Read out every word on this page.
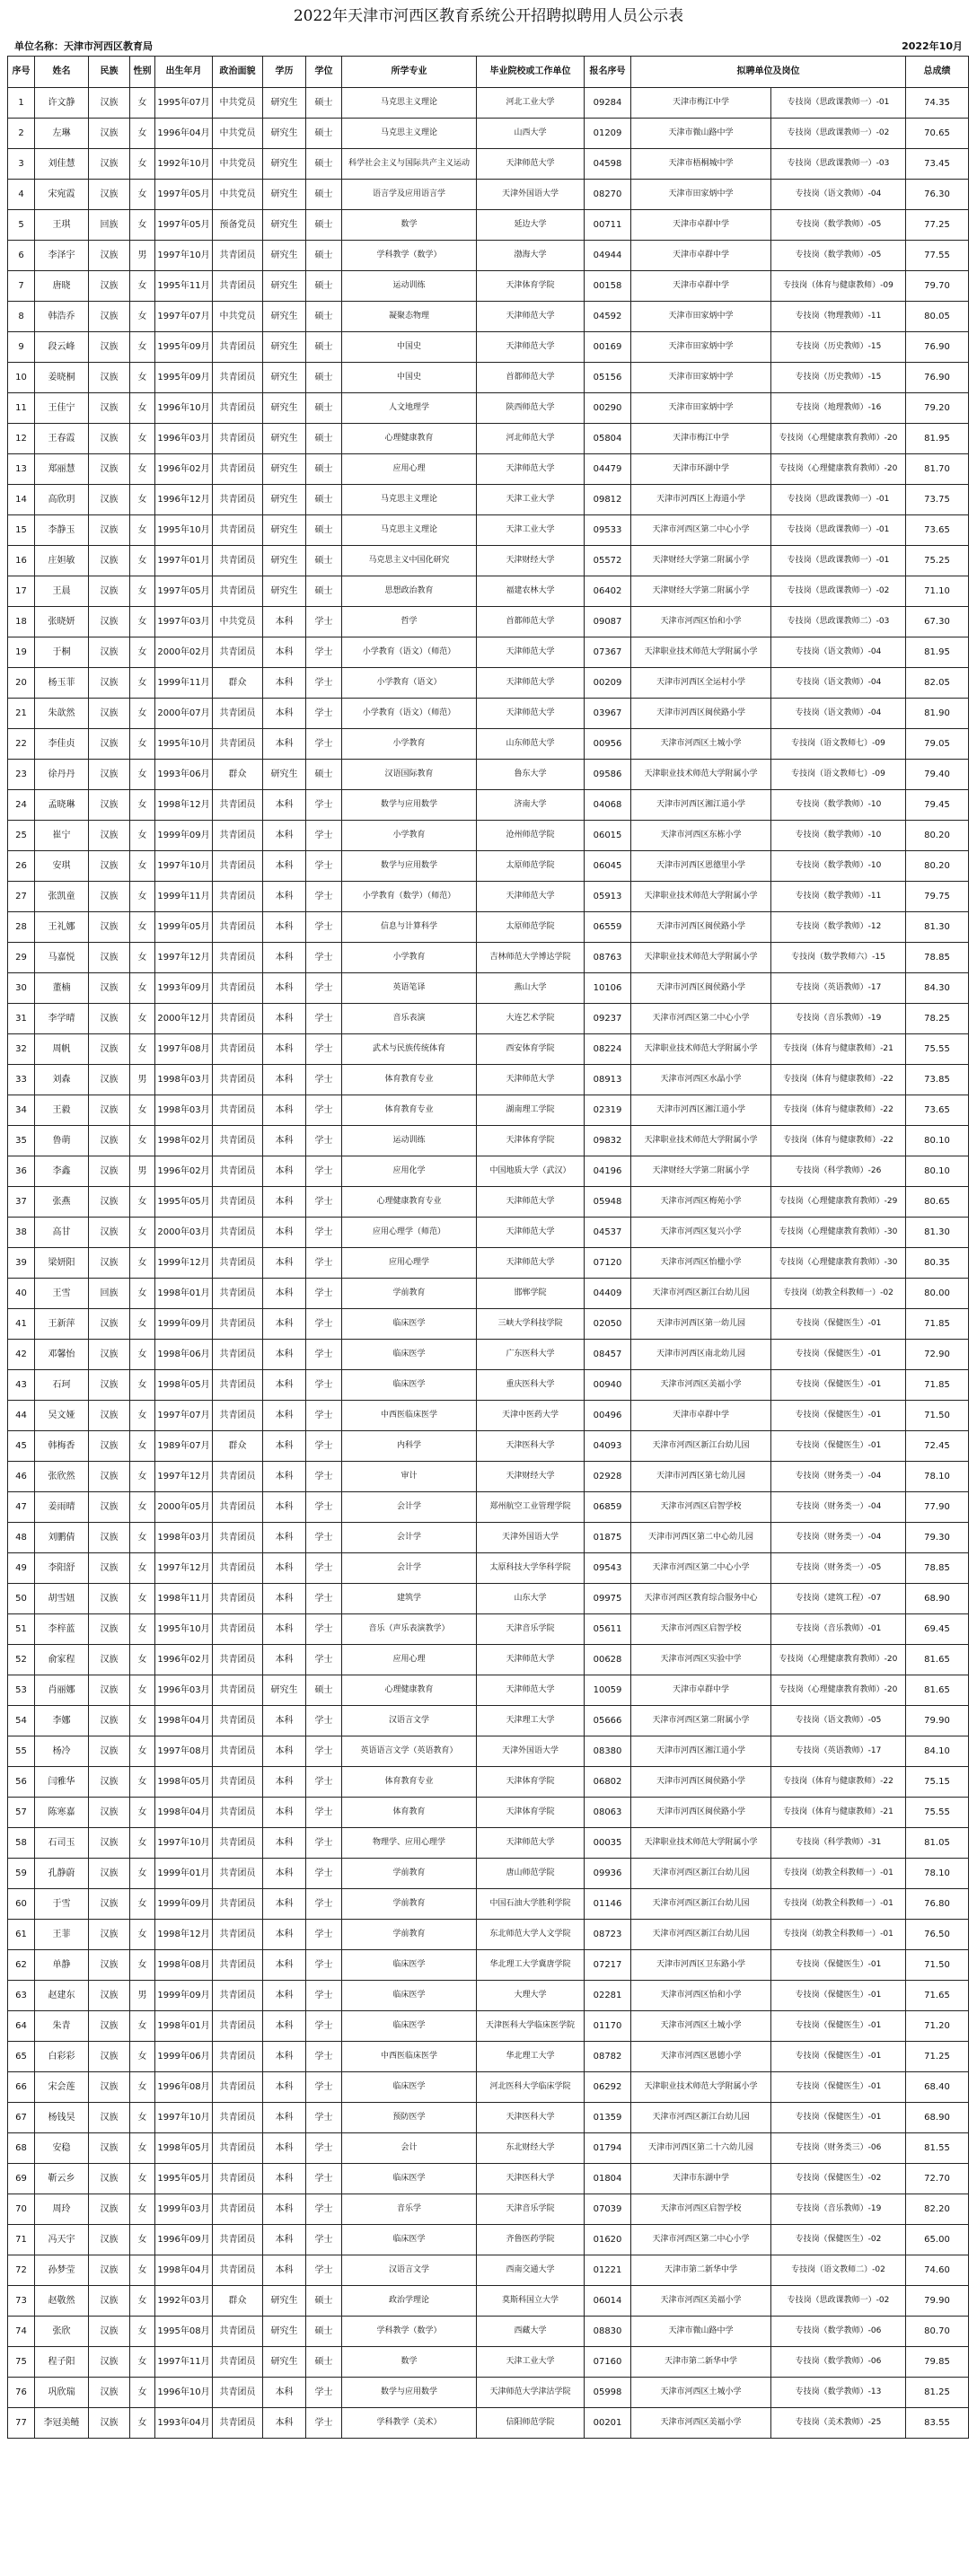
2022年天津市河西区教育系统公开招聘拟聘用人员公示表
单位名称：天津市河西区教育局	2022年10月
序号	姓名	民族	性别	出生年月	政治面貌	学历	学位	所学专业	毕业院校或工作单位	报名序号	拟聘单位及岗位		总成绩
1	许文静	汉族	女	1995年07月	中共党员	研究生	硕士	马克思主义理论	河北工业大学	09284	天津市梅江中学	专技岗（思政课教师一）-01	74.35
2	左琳	汉族	女	1996年04月	中共党员	研究生	硕士	马克思主义理论	山西大学	01209	天津市微山路中学	专技岗（思政课教师一）-02	70.65
3	刘佳慧	汉族	女	1992年10月	中共党员	研究生	硕士	科学社会主义与国际共产主义运动	天津师范大学	04598	天津市梧桐城中学	专技岗（思政课教师一）-03	73.45
4	宋宛霞	汉族	女	1997年05月	中共党员	研究生	硕士	语言学及应用语言学	天津外国语大学	08270	天津市田家炳中学	专技岗（语文教师）-04	76.30
5	王琪	回族	女	1997年05月	预备党员	研究生	硕士	数学	延边大学	00711	天津市卓群中学	专技岗（数学教师）-05	77.25
6	李泽宇	汉族	男	1997年10月	共青团员	研究生	硕士	学科教学（数学）	渤海大学	04944	天津市卓群中学	专技岗（数学教师）-05	77.55
7	唐晓	汉族	女	1995年11月	共青团员	研究生	硕士	运动训练	天津体育学院	00158	天津市卓群中学	专技岗（体育与健康教师）-09	79.70
8	韩浩乔	汉族	女	1997年07月	中共党员	研究生	硕士	凝聚态物理	天津师范大学	04592	天津市田家炳中学	专技岗（物理教师）-11	80.05
9	段云峰	汉族	女	1995年09月	共青团员	研究生	硕士	中国史	天津师范大学	00169	天津市田家炳中学	专技岗（历史教师）-15	76.90
10	姜晓桐	汉族	女	1995年09月	共青团员	研究生	硕士	中国史	首都师范大学	05156	天津市田家炳中学	专技岗（历史教师）-15	76.90
11	王佳宁	汉族	女	1996年10月	共青团员	研究生	硕士	人文地理学	陕西师范大学	00290	天津市田家炳中学	专技岗（地理教师）-16	79.20
12	王春霞	汉族	女	1996年03月	共青团员	研究生	硕士	心理健康教育	河北师范大学	05804	天津市梅江中学	专技岗（心理健康教育教师）-20	81.95
13	郑丽慧	汉族	女	1996年02月	共青团员	研究生	硕士	应用心理	天津师范大学	04479	天津市环湖中学	专技岗（心理健康教育教师）-20	81.70
14	高欣玥	汉族	女	1996年12月	共青团员	研究生	硕士	马克思主义理论	天津工业大学	09812	天津市河西区上海道小学	专技岗（思政课教师一）-01	73.75
15	李静玉	汉族	女	1995年10月	共青团员	研究生	硕士	马克思主义理论	天津工业大学	09533	天津市河西区第二中心小学	专技岗（思政课教师一）-01	73.65
16	庄妲敏	汉族	女	1997年01月	共青团员	研究生	硕士	马克思主义中国化研究	天津财经大学	05572	天津财经大学第二附属小学	专技岗（思政课教师一）-01	75.25
17	王晨	汉族	女	1997年05月	共青团员	研究生	硕士	思想政治教育	福建农林大学	06402	天津财经大学第二附属小学	专技岗（思政课教师一）-02	71.10
18	张晓妍	汉族	女	1997年03月	中共党员	本科	学士	哲学	首都师范大学	09087	天津市河西区怡和小学	专技岗（思政课教师二）-03	67.30
19	于桐	汉族	女	2000年02月	共青团员	本科	学士	小学教育（语文）（师范）	天津师范大学	07367	天津职业技术师范大学附属小学	专技岗（语文教师）-04	81.95
20	杨玉菲	汉族	女	1999年11月	群众	本科	学士	小学教育（语文）	天津师范大学	00209	天津市河西区全运村小学	专技岗（语文教师）-04	82.05
21	朱歆然	汉族	女	2000年07月	共青团员	本科	学士	小学教育（语文）（师范）	天津师范大学	03967	天津市河西区闽侯路小学	专技岗（语文教师）-04	81.90
22	李佳贞	汉族	女	1995年10月	共青团员	本科	学士	小学教育	山东师范大学	00956	天津市河西区土城小学	专技岗（语文教师七）-09	79.05
23	徐丹丹	汉族	女	1993年06月	群众	研究生	硕士	汉语国际教育	鲁东大学	09586	天津职业技术师范大学附属小学	专技岗（语文教师七）-09	79.40
24	孟晓琳	汉族	女	1998年12月	共青团员	本科	学士	数学与应用数学	济南大学	04068	天津市河西区湘江道小学	专技岗（数学教师）-10	79.45
25	崔宁	汉族	女	1999年09月	共青团员	本科	学士	小学教育	沧州师范学院	06015	天津市河西区东栋小学	专技岗（数学教师）-10	80.20
26	安琪	汉族	女	1997年10月	共青团员	本科	学士	数学与应用数学	太原师范学院	06045	天津市河西区恩德里小学	专技岗（数学教师）-10	80.20
27	张凯童	汉族	女	1999年11月	共青团员	本科	学士	小学教育（数学）（师范）	天津师范大学	05913	天津职业技术师范大学附属小学	专技岗（数学教师）-11	79.75
28	王礼娜	汉族	女	1999年05月	共青团员	本科	学士	信息与计算科学	太原师范学院	06559	天津市河西区闽侯路小学	专技岗（数学教师）-12	81.30
29	马嘉悦	汉族	女	1997年12月	共青团员	本科	学士	小学教育	吉林师范大学博达学院	08763	天津职业技术师范大学附属小学	专技岗（数学教师六）-15	78.85
30	董楠	汉族	女	1993年09月	共青团员	本科	学士	英语笔译	燕山大学	10106	天津市河西区闽侯路小学	专技岗（英语教师）-17	84.30
31	李学晴	汉族	女	2000年12月	共青团员	本科	学士	音乐表演	大连艺术学院	09237	天津市河西区第二中心小学	专技岗（音乐教师）-19	78.25
32	周帆	汉族	女	1997年08月	共青团员	本科	学士	武术与民族传统体育	西安体育学院	08224	天津职业技术师范大学附属小学	专技岗（体育与健康教师）-21	75.55
33	刘森	汉族	男	1998年03月	共青团员	本科	学士	体育教育专业	天津师范大学	08913	天津市河西区水晶小学	专技岗（体育与健康教师）-22	73.85
34	王毅	汉族	女	1998年03月	共青团员	本科	学士	体育教育专业	湖南理工学院	02319	天津市河西区湘江道小学	专技岗（体育与健康教师）-22	73.65
35	鲁萌	汉族	女	1998年02月	共青团员	本科	学士	运动训练	天津体育学院	09832	天津职业技术师范大学附属小学	专技岗（体育与健康教师）-22	80.10
36	李鑫	汉族	男	1996年02月	共青团员	本科	学士	应用化学	中国地质大学（武汉）	04196	天津财经大学第二附属小学	专技岗（科学教师）-26	80.10
37	张燕	汉族	女	1995年05月	共青团员	本科	学士	心理健康教育专业	天津师范大学	05948	天津市河西区梅苑小学	专技岗（心理健康教育教师）-29	80.65
38	高甘	汉族	女	2000年03月	共青团员	本科	学士	应用心理学（师范）	天津师范大学	04537	天津市河西区复兴小学	专技岗（心理健康教育教师）-30	81.30
39	梁妍阳	汉族	女	1999年12月	共青团员	本科	学士	应用心理学	天津师范大学	07120	天津市河西区怡楹小学	专技岗（心理健康教育教师）-30	80.35
40	王雪	回族	女	1998年01月	共青团员	本科	学士	学前教育	邯郸学院	04409	天津市河西区新江台幼儿园	专技岗（幼教全科教师一）-02	80.00
41	王新萍	汉族	女	1999年09月	共青团员	本科	学士	临床医学	三峡大学科技学院	02050	天津市河西区第一幼儿园	专技岗（保健医生）-01	71.85
42	邓馨怡	汉族	女	1998年06月	共青团员	本科	学士	临床医学	广东医科大学	08457	天津市河西区南北幼儿园	专技岗（保健医生）-01	72.90
43	石珂	汉族	女	1998年05月	共青团员	本科	学士	临床医学	重庆医科大学	00940	天津市河西区美福小学	专技岗（保健医生）-01	71.85
44	吴文娅	汉族	女	1997年07月	共青团员	本科	学士	中西医临床医学	天津中医药大学	00496	天津市卓群中学	专技岗（保健医生）-01	71.50
45	韩梅香	汉族	女	1989年07月	群众	本科	学士	内科学	天津医科大学	04093	天津市河西区新江台幼儿园	专技岗（保健医生）-01	72.45
46	张欣然	汉族	女	1997年12月	共青团员	本科	学士	审计	天津财经大学	02928	天津市河西区第七幼儿园	专技岗（财务类一）-04	78.10
47	姜雨晴	汉族	女	2000年05月	共青团员	本科	学士	会计学	郑州航空工业管理学院	06859	天津市河西区启智学校	专技岗（财务类一）-04	77.90
48	刘鹏倩	汉族	女	1998年03月	共青团员	本科	学士	会计学	天津外国语大学	01875	天津市河西区第二中心幼儿园	专技岗（财务类一）-04	79.30
49	李阳舒	汉族	女	1997年12月	共青团员	本科	学士	会计学	太原科技大学华科学院	09543	天津市河西区第二中心小学	专技岗（财务类一）-05	78.85
50	胡雪妞	汉族	女	1998年11月	共青团员	本科	学士	建筑学	山东大学	09975	天津市河西区教育综合服务中心	专技岗（建筑工程）-07	68.90
51	李梓蓝	汉族	女	1995年10月	共青团员	本科	学士	音乐（声乐表演教学）	天津音乐学院	05611	天津市河西区启智学校	专技岗（音乐教师）-01	69.45
52	俞家程	汉族	女	1996年02月	共青团员	本科	学士	应用心理	天津师范大学	00628	天津市河西区实验中学	专技岗（心理健康教育教师）-20	81.65
53	肖丽娜	汉族	女	1996年03月	共青团员	研究生	硕士	心理健康教育	天津师范大学	10059	天津市卓群中学	专技岗（心理健康教育教师）-20	81.65
54	李娜	汉族	女	1998年04月	共青团员	本科	学士	汉语言文学	天津理工大学	05666	天津市河西区第二附属小学	专技岗（语文教师）-05	79.90
55	杨冷	汉族	女	1997年08月	共青团员	本科	学士	英语语言文学（英语教育）	天津外国语大学	08380	天津市河西区湘江道小学	专技岗（英语教师）-17	84.10
56	闫雅华	汉族	女	1998年05月	共青团员	本科	学士	体育教育专业	天津体育学院	06802	天津市河西区闽侯路小学	专技岗（体育与健康教师）-22	75.15
57	陈寒嘉	汉族	女	1998年04月	共青团员	本科	学士	体育教育	天津体育学院	08063	天津市河西区闽侯路小学	专技岗（体育与健康教师）-21	75.55
58	石司玉	汉族	女	1997年10月	共青团员	本科	学士	物理学、应用心理学	天津师范大学	00035	天津职业技术师范大学附属小学	专技岗（科学教师）-31	81.05
59	孔静蔚	汉族	女	1999年01月	共青团员	本科	学士	学前教育	唐山师范学院	09936	天津市河西区新江台幼儿园	专技岗（幼教全科教师一）-01	78.10
60	于雪	汉族	女	1999年09月	共青团员	本科	学士	学前教育	中国石油大学胜利学院	01146	天津市河西区新江台幼儿园	专技岗（幼教全科教师一）-01	76.80
61	王菲	汉族	女	1998年12月	共青团员	本科	学士	学前教育	东北师范大学人文学院	08723	天津市河西区新江台幼儿园	专技岗（幼教全科教师一）-01	76.50
62	单静	汉族	女	1998年08月	共青团员	本科	学士	临床医学	华北理工大学冀唐学院	07217	天津市河西区卫东路小学	专技岗（保健医生）-01	71.50
63	赵建东	汉族	男	1999年09月	共青团员	本科	学士	临床医学	大理大学	02281	天津市河西区怡和小学	专技岗（保健医生）-01	71.65
64	朱青	汉族	女	1998年01月	共青团员	本科	学士	临床医学	天津医科大学临床医学院	01170	天津市河西区土城小学	专技岗（保健医生）-01	71.20
65	白彩彩	汉族	女	1999年06月	共青团员	本科	学士	中西医临床医学	华北理工大学	08782	天津市河西区恩德小学	专技岗（保健医生）-01	71.25
66	宋会莲	汉族	女	1996年08月	共青团员	本科	学士	临床医学	河北医科大学临床学院	06292	天津职业技术师范大学附属小学	专技岗（保健医生）-01	68.40
67	杨钱昊	汉族	女	1997年10月	共青团员	本科	学士	预防医学	天津医科大学	01359	天津市河西区新江台幼儿园	专技岗（保健医生）-01	68.90
68	安稳	汉族	女	1998年05月	共青团员	本科	学士	会计	东北财经大学	01794	天津市河西区第二十六幼儿园	专技岗（财务类三）-06	81.55
69	靳云乡	汉族	女	1995年05月	共青团员	本科	学士	临床医学	天津医科大学	01804	天津市东湖中学	专技岗（保健医生）-02	72.70
70	周玲	汉族	女	1999年03月	共青团员	本科	学士	音乐学	天津音乐学院	07039	天津市河西区启智学校	专技岗（音乐教师）-19	82.20
71	冯天宇	汉族	女	1996年09月	共青团员	本科	学士	临床医学	齐鲁医药学院	01620	天津市河西区第二中心小学	专技岗（保健医生）-02	65.00
72	孙梦莹	汉族	女	1998年04月	共青团员	本科	学士	汉语言文学	西南交通大学	01221	天津市第二新华中学	专技岗（语文教师二）-02	74.60
73	赵敬然	汉族	女	1992年03月	群众	研究生	硕士	政治学理论	莫斯科国立大学	06014	天津市河西区美福小学	专技岗（思政课教师一）-02	79.90
74	张欣	汉族	女	1995年08月	共青团员	研究生	硕士	学科教学（数学）	西藏大学	08830	天津市微山路中学	专技岗（数学教师）-06	80.70
75	程子阳	汉族	女	1997年11月	共青团员	研究生	硕士	数学	天津工业大学	07160	天津市第二新华中学	专技岗（数学教师）-06	79.85
76	巩欣瑞	汉族	女	1996年10月	共青团员	本科	学士	数学与应用数学	天津师范大学津沽学院	05998	天津市河西区土城小学	专技岗（数学教师）-13	81.25
77	李冠美鲢	汉族	女	1993年04月	共青团员	本科	学士	学科教学（美术）	信阳师范学院	00201	天津市河西区美福小学	专技岗（美术教师）-25	83.55
